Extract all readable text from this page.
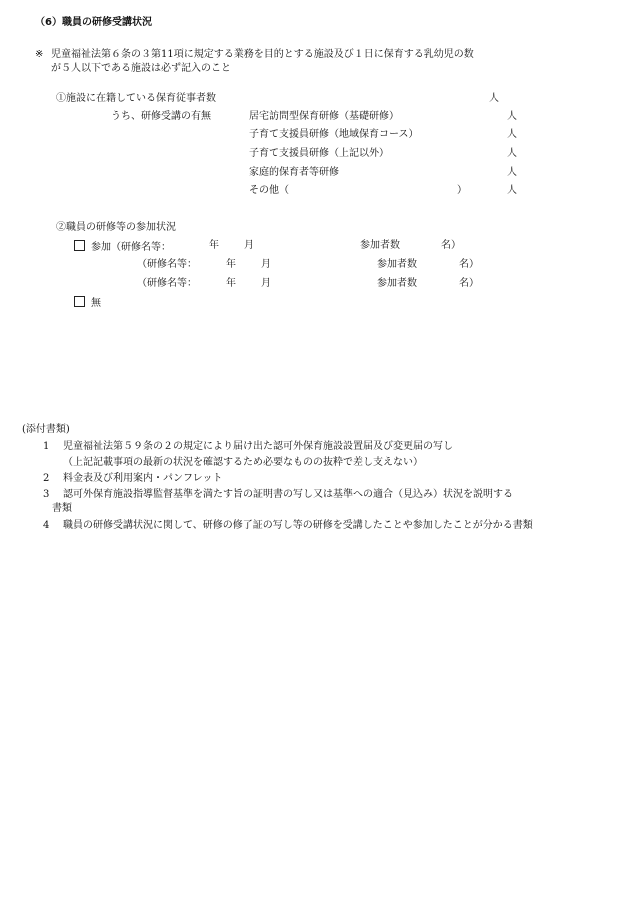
（6）職員の研修受講状況
※ 児童福祉法第６条の３第11項に規定する業務を目的とする施設及び１日に保育する乳幼児の数
が５人以下である施設は必ず記入のこと
①施設に在籍している保育従事者数	人
うち、研修受講の有無	居宅訪問型保育研修（基礎研修）	人
子育て支援員研修（地域保育コース）	人
子育て支援員研修（上記以外）	人
家庭的保育者等研修	人
その他（	）	人
②職員の研修等の参加状況
参加（研修名等：	年	月	参加者数	名）
（研修名等：	年	月	参加者数	名）
（研修名等：	年	月	参加者数	名）
無
(添付書類)
1 児童福祉法第５９条の２の規定により届け出た認可外保育施設設置届及び変更届の写し
（上記記載事項の最新の状況を確認するため必要なものの抜粋で差し支えない）
2 料金表及び利用案内・パンフレット
3 認可外保育施設指導監督基準を満たす旨の証明書の写し又は基準への適合（見込み）状況を説明する
書類
4 職員の研修受講状況に関して、研修の修了証の写し等の研修を受講したことや参加したことが分かる書類
